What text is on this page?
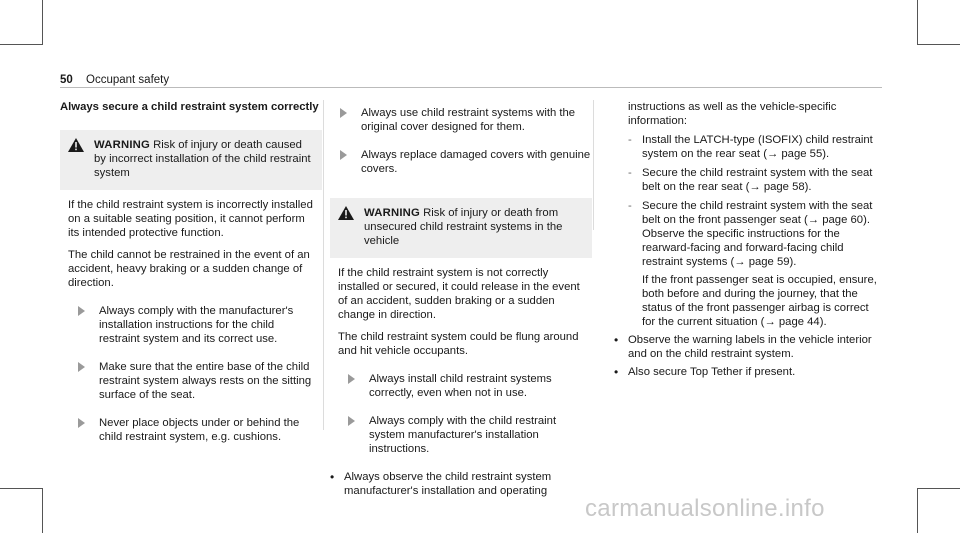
50 Occupant safety
Always secure a child restraint system correctly
WARNING Risk of injury or death caused by incorrect installation of the child restraint system
If the child restraint system is incorrectly installed on a suitable seating position, it cannot perform its intended protective function.
The child cannot be restrained in the event of an accident, heavy braking or a sudden change of direction.
Always comply with the manufacturer's installation instructions for the child restraint system and its correct use.
Make sure that the entire base of the child restraint system always rests on the sitting surface of the seat.
Never place objects under or behind the child restraint system, e.g. cushions.
Always use child restraint systems with the original cover designed for them.
Always replace damaged covers with genuine covers.
WARNING Risk of injury or death from unsecured child restraint systems in the vehicle
If the child restraint system is not correctly installed or secured, it could release in the event of an accident, sudden braking or a sudden change in direction.
The child restraint system could be flung around and hit vehicle occupants.
Always install child restraint systems correctly, even when not in use.
Always comply with the child restraint system manufacturer's installation instructions.
• Always observe the child restraint system manufacturer's installation and operating
instructions as well as the vehicle-specific information:
- Install the LATCH-type (ISOFIX) child restraint system on the rear seat (→ page 55).
- Secure the child restraint system with the seat belt on the rear seat (→ page 58).
- Secure the child restraint system with the seat belt on the front passenger seat (→ page 60). Observe the specific instructions for the rearward-facing and forward-facing child restraint systems (→ page 59).
If the front passenger seat is occupied, ensure, both before and during the journey, that the status of the front passenger airbag is correct for the current situation (→ page 44).
• Observe the warning labels in the vehicle interior and on the child restraint system.
• Also secure Top Tether if present.
carmanualsonline.info
